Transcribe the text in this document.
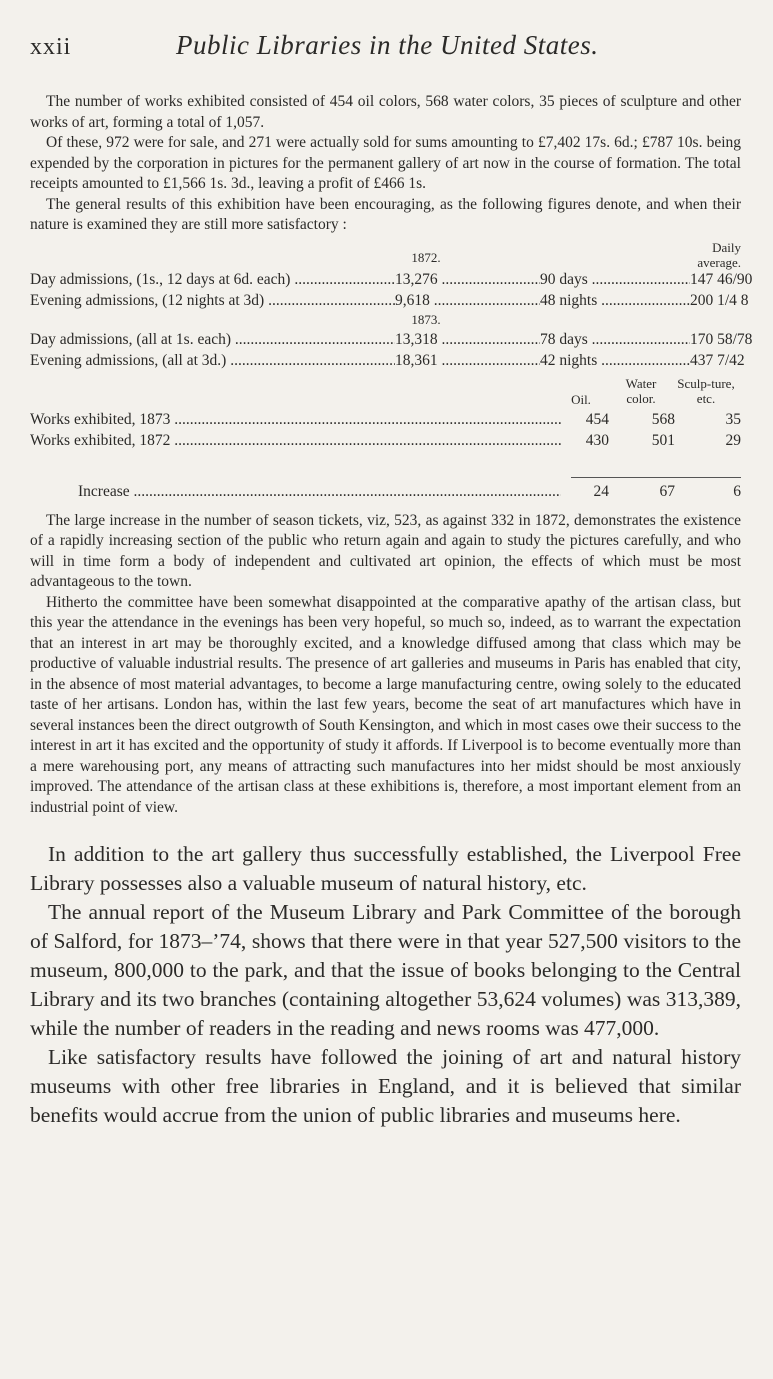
xxii	Public Libraries in the United States.

The number of works exhibited consisted of 454 oil colors, 568 water colors, 35 pieces of sculpture and other works of art, forming a total of 1,057.

Of these, 972 were for sale, and 271 were actually sold for sums amounting to £7,402 17s. 6d.; £787 10s. being expended by the corporation in pictures for the permanent gallery of art now in the course of formation. The total receipts amounted to £1,566 1s. 3d., leaving a profit of £466 1s.

The general results of this exhibition have been encouraging, as the following figures denote, and when their nature is examined they are still more satisfactory :

1872.
Daily average.
Day admissions, (1s., 12 days at 6d. each) .....	13,276 .....	90 days .....	147 46/90
Evening admissions, (12 nights at 3d) .....	9,618 .....	48 nights .....	200 1/4 8
1873.
Day admissions, (all at 1s. each) .....	13,318 .....	78 days .....	170 58/78
Evening admissions, (all at 3d.) .....	18,361 .....	42 nights .....	437 7/42
Oil.
Water color.
Sculp-ture, etc.
Works exhibited, 1873 .....	454	568	35
Works exhibited, 1872 .....	430	501	29
Increase .....	24	67	6

The large increase in the number of season tickets, viz, 523, as against 332 in 1872, demonstrates the existence of a rapidly increasing section of the public who return again and again to study the pictures carefully, and who will in time form a body of independent and cultivated art opinion, the effects of which must be most advantageous to the town.

Hitherto the committee have been somewhat disappointed at the comparative apathy of the artisan class, but this year the attendance in the evenings has been very hopeful, so much so, indeed, as to warrant the expectation that an interest in art may be thoroughly excited, and a knowledge diffused among that class which may be productive of valuable industrial results. The presence of art galleries and museums in Paris has enabled that city, in the absence of most material advantages, to become a large manufacturing centre, owing solely to the educated taste of her artisans. London has, within the last few years, become the seat of art manufactures which have in several instances been the direct outgrowth of South Kensington, and which in most cases owe their success to the interest in art it has excited and the opportunity of study it affords. If Liverpool is to become eventually more than a mere warehousing port, any means of attracting such manufactures into her midst should be most anxiously improved. The attendance of the artisan class at these exhibitions is, therefore, a most important element from an industrial point of view.

In addition to the art gallery thus successfully established, the Liverpool Free Library possesses also a valuable museum of natural history, etc.

The annual report of the Museum Library and Park Committee of the borough of Salford, for 1873–’74, shows that there were in that year 527,500 visitors to the museum, 800,000 to the park, and that the issue of books belonging to the Central Library and its two branches (containing altogether 53,624 volumes) was 313,389, while the number of readers in the reading and news rooms was 477,000.

Like satisfactory results have followed the joining of art and natural history museums with other free libraries in England, and it is believed that similar benefits would accrue from the union of public libraries and museums here.
